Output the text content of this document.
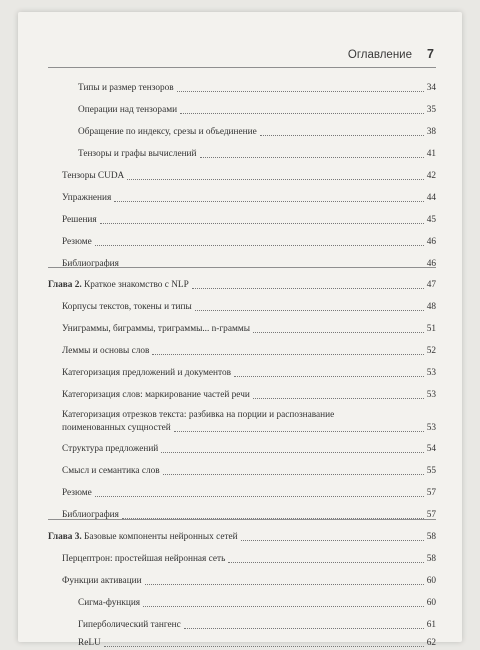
Оглавление 7
Типы и размер тензоров	34
Операции над тензорами	35
Обращение по индексу, срезы и объединение	38
Тензоры и графы вычислений	41
Тензоры CUDA	42
Упражнения	44
Решения	45
Резюме	46
Библиография	46
Глава 2. Краткое знакомство с NLP	47
Корпусы текстов, токены и типы	48
Униграммы, биграммы, триграммы... n-граммы	51
Леммы и основы слов	52
Категоризация предложений и документов	53
Категоризация слов: маркирование частей речи	53
Категоризация отрезков текста: разбивка на порции и распознавание
поименованных сущностей	53
Структура предложений	54
Смысл и семантика слов	55
Резюме	57
Библиография	57
Глава 3. Базовые компоненты нейронных сетей	58
Перцептрон: простейшая нейронная сеть	58
Функции активации	60
Сигма-функция	60
Гиперболический тангенс	61
ReLU	62
